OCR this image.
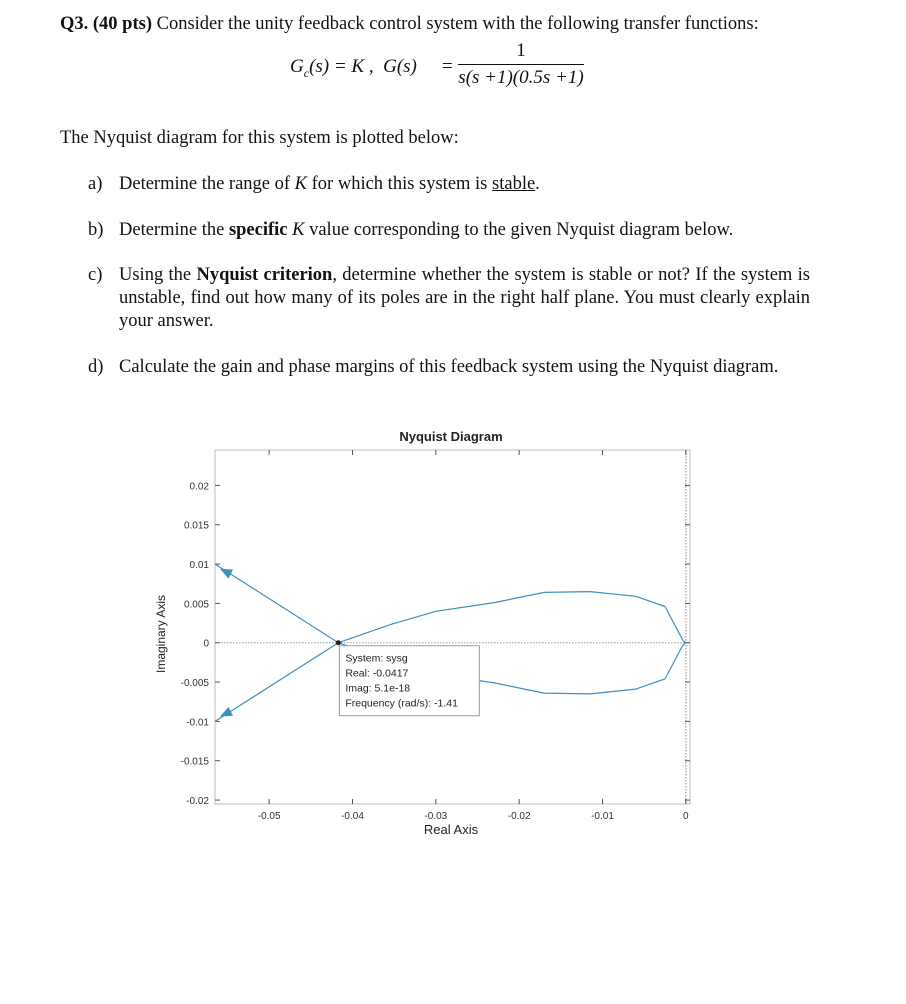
Q3. (40 pts) Consider the unity feedback control system with the following transfer functions:
$G_c(s) = K$ , G(s) =
1
s(s +1)(0.5s +1)
The Nyquist diagram for this system is plotted below:
a) Determine the range of K for which this system is stable.
b) Determine the specific K value corresponding to the given Nyquist diagram below.
c) Using the Nyquist criterion, determine whether the system is stable or not? If the system is unstable, find out how many of its poles are in the right half plane. You must clearly explain your answer.
d) Calculate the gain and phase margins of this feedback system using the Nyquist diagram.
Nyquist Diagram
Real Axis
Imaginary Axis
0.02
0.015
0.01
0.005
0
-0.005
-0.01
-0.015
-0.02
-0.05	-0.04	-0.03	-0.02	-0.01	0
System: sysg
Real: -0.0417
Imag: 5.1e-18
Frequency (rad/s): -1.41
